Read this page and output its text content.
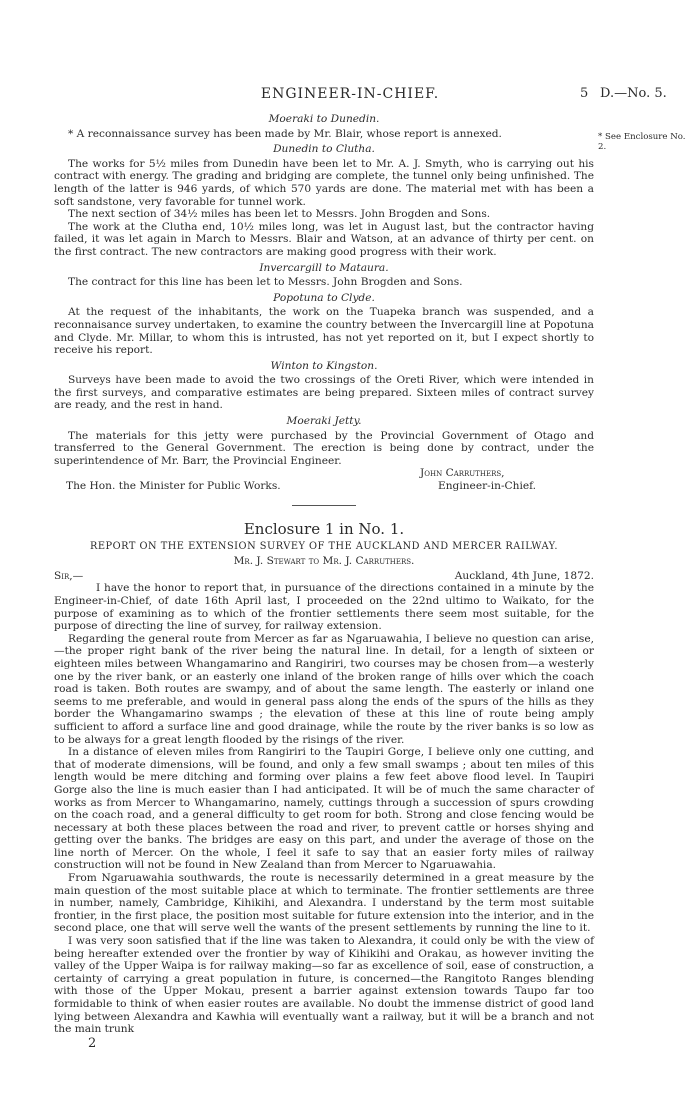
ENGINEER-IN-CHIEF.	5 D.—No. 5.
* See Enclosure No. 2.
Moeraki to Dunedin.

* A reconnaissance survey has been made by Mr. Blair, whose report is annexed.

Dunedin to Clutha.

The works for 5½ miles from Dunedin have been let to Mr. A. J. Smyth, who is carrying out his contract with energy. The grading and bridging are complete, the tunnel only being unfinished. The length of the latter is 946 yards, of which 570 yards are done. The material met with has been a soft sandstone, very favorable for tunnel work.

The next section of 34½ miles has been let to Messrs. John Brogden and Sons.

The work at the Clutha end, 10½ miles long, was let in August last, but the contractor having failed, it was let again in March to Messrs. Blair and Watson, at an advance of thirty per cent. on the first contract. The new contractors are making good progress with their work.

Invercargill to Mataura.

The contract for this line has been let to Messrs. John Brogden and Sons.

Popotuna to Clyde.

At the request of the inhabitants, the work on the Tuapeka branch was suspended, and a reconnaisance survey undertaken, to examine the country between the Invercargill line at Popotuna and Clyde. Mr. Millar, to whom this is intrusted, has not yet reported on it, but I expect shortly to receive his report.

Winton to Kingston.

Surveys have been made to avoid the two crossings of the Oreti River, which were intended in the first surveys, and comparative estimates are being prepared. Sixteen miles of contract survey are ready, and the rest in hand.

Moeraki Jetty.

The materials for this jetty were purchased by the Provincial Government of Otago and transferred to the General Government. The erection is being done by contract, under the superintendence of Mr. Barr, the Provincial Engineer.

John Carruthers,
The Hon. the Minister for Public Works.	Engineer-in-Chief.
Enclosure 1 in No. 1.
REPORT ON THE EXTENSION SURVEY OF THE AUCKLAND AND MERCER RAILWAY.
Mr. J. Stewart to Mr. J. Carruthers.
Sir,—	Auckland, 4th June, 1872.

I have the honor to report that, in pursuance of the directions contained in a minute by the Engineer-in-Chief, of date 16th April last, I proceeded on the 22nd ultimo to Waikato, for the purpose of examining as to which of the frontier settlements there seem most suitable, for the purpose of directing the line of survey, for railway extension.

Regarding the general route from Mercer as far as Ngaruawahia, I believe no question can arise,—the proper right bank of the river being the natural line. In detail, for a length of sixteen or eighteen miles between Whangamarino and Rangiriri, two courses may be chosen from—a westerly one by the river bank, or an easterly one inland of the broken range of hills over which the coach road is taken. Both routes are swampy, and of about the same length. The easterly or inland one seems to me preferable, and would in general pass along the ends of the spurs of the hills as they border the Whangamarino swamps ; the elevation of these at this line of route being amply sufficient to afford a surface line and good drainage, while the route by the river banks is so low as to be always for a great length flooded by the risings of the river.

In a distance of eleven miles from Rangiriri to the Taupiri Gorge, I believe only one cutting, and that of moderate dimensions, will be found, and only a few small swamps ; about ten miles of this length would be mere ditching and forming over plains a few feet above flood level. In Taupiri Gorge also the line is much easier than I had anticipated. It will be of much the same character of works as from Mercer to Whangamarino, namely, cuttings through a succession of spurs crowding on the coach road, and a general difficulty to get room for both. Strong and close fencing would be necessary at both these places between the road and river, to prevent cattle or horses shying and getting over the banks. The bridges are easy on this part, and under the average of those on the line north of Mercer. On the whole, I feel it safe to say that an easier forty miles of railway construction will not be found in New Zealand than from Mercer to Ngaruawahia.

From Ngaruawahia southwards, the route is necessarily determined in a great measure by the main question of the most suitable place at which to terminate. The frontier settlements are three in number, namely, Cambridge, Kihikihi, and Alexandra. I understand by the term most suitable frontier, in the first place, the position most suitable for future extension into the interior, and in the second place, one that will serve well the wants of the present settlements by running the line to it.

I was very soon satisfied that if the line was taken to Alexandra, it could only be with the view of being hereafter extended over the frontier by way of Kihikihi and Orakau, as however inviting the valley of the Upper Waipa is for railway making—so far as excellence of soil, ease of construction, a certainty of carrying a great population in future, is concerned—the Rangitoto Ranges blending with those of the Upper Mokau, present a barrier against extension towards Taupo far too formidable to think of when easier routes are available. No doubt the immense district of good land lying between Alexandra and Kawhia will eventually want a railway, but it will be a branch and not the main trunk

2
